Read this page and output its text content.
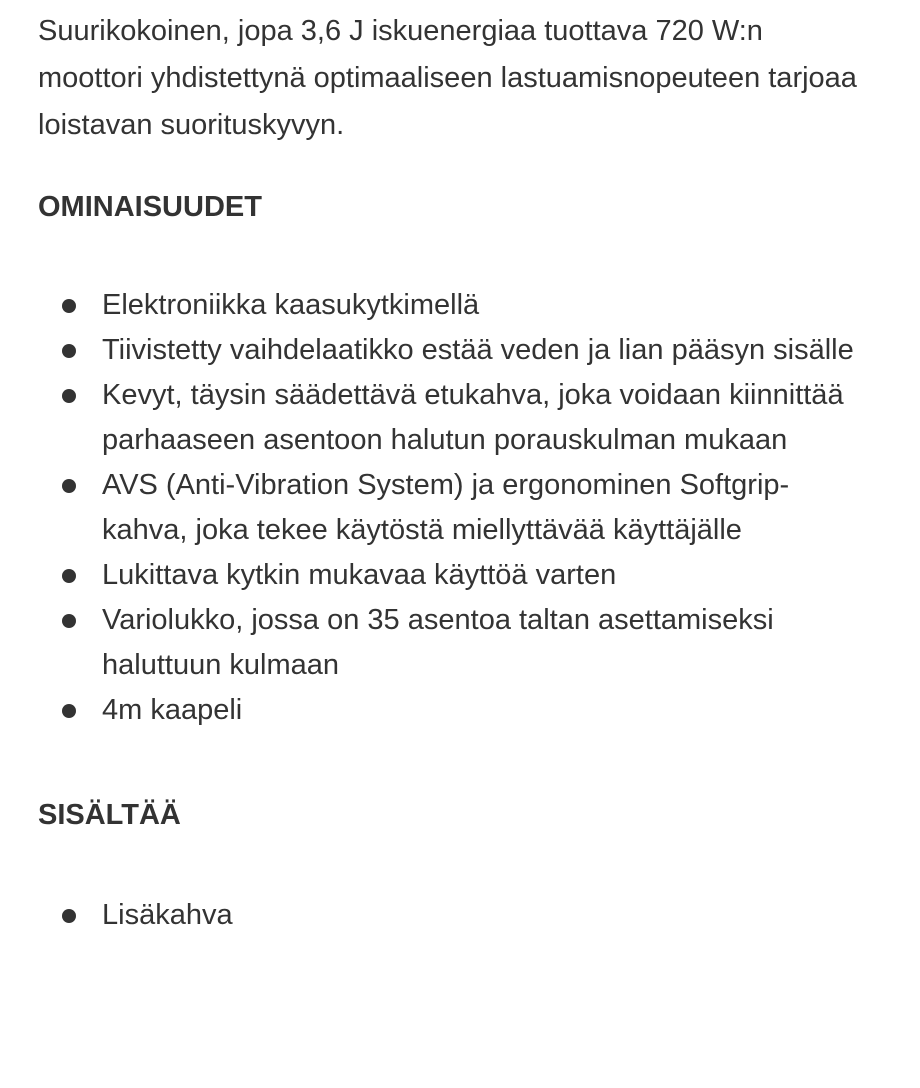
Suurikokoinen, jopa 3,6 J iskuenergiaa tuottava 720 W:n moottori yhdistettynä optimaaliseen lastuamisnopeuteen tarjoaa loistavan suorituskyvyn.

OMINAISUUDET
Elektroniikka kaasukytkimellä
Tiivistetty vaihdelaatikko estää veden ja lian pääsyn sisälle
Kevyt, täysin säädettävä etukahva, joka voidaan kiinnittää parhaaseen asentoon halutun porauskulman mukaan
AVS (Anti-Vibration System) ja ergonominen Softgrip-kahva, joka tekee käytöstä miellyttävää käyttäjälle
Lukittava kytkin mukavaa käyttöä varten
Variolukko, jossa on 35 asentoa taltan asettamiseksi haluttuun kulmaan
4m kaapeli
SISÄLTÄÄ
Lisäkahva
